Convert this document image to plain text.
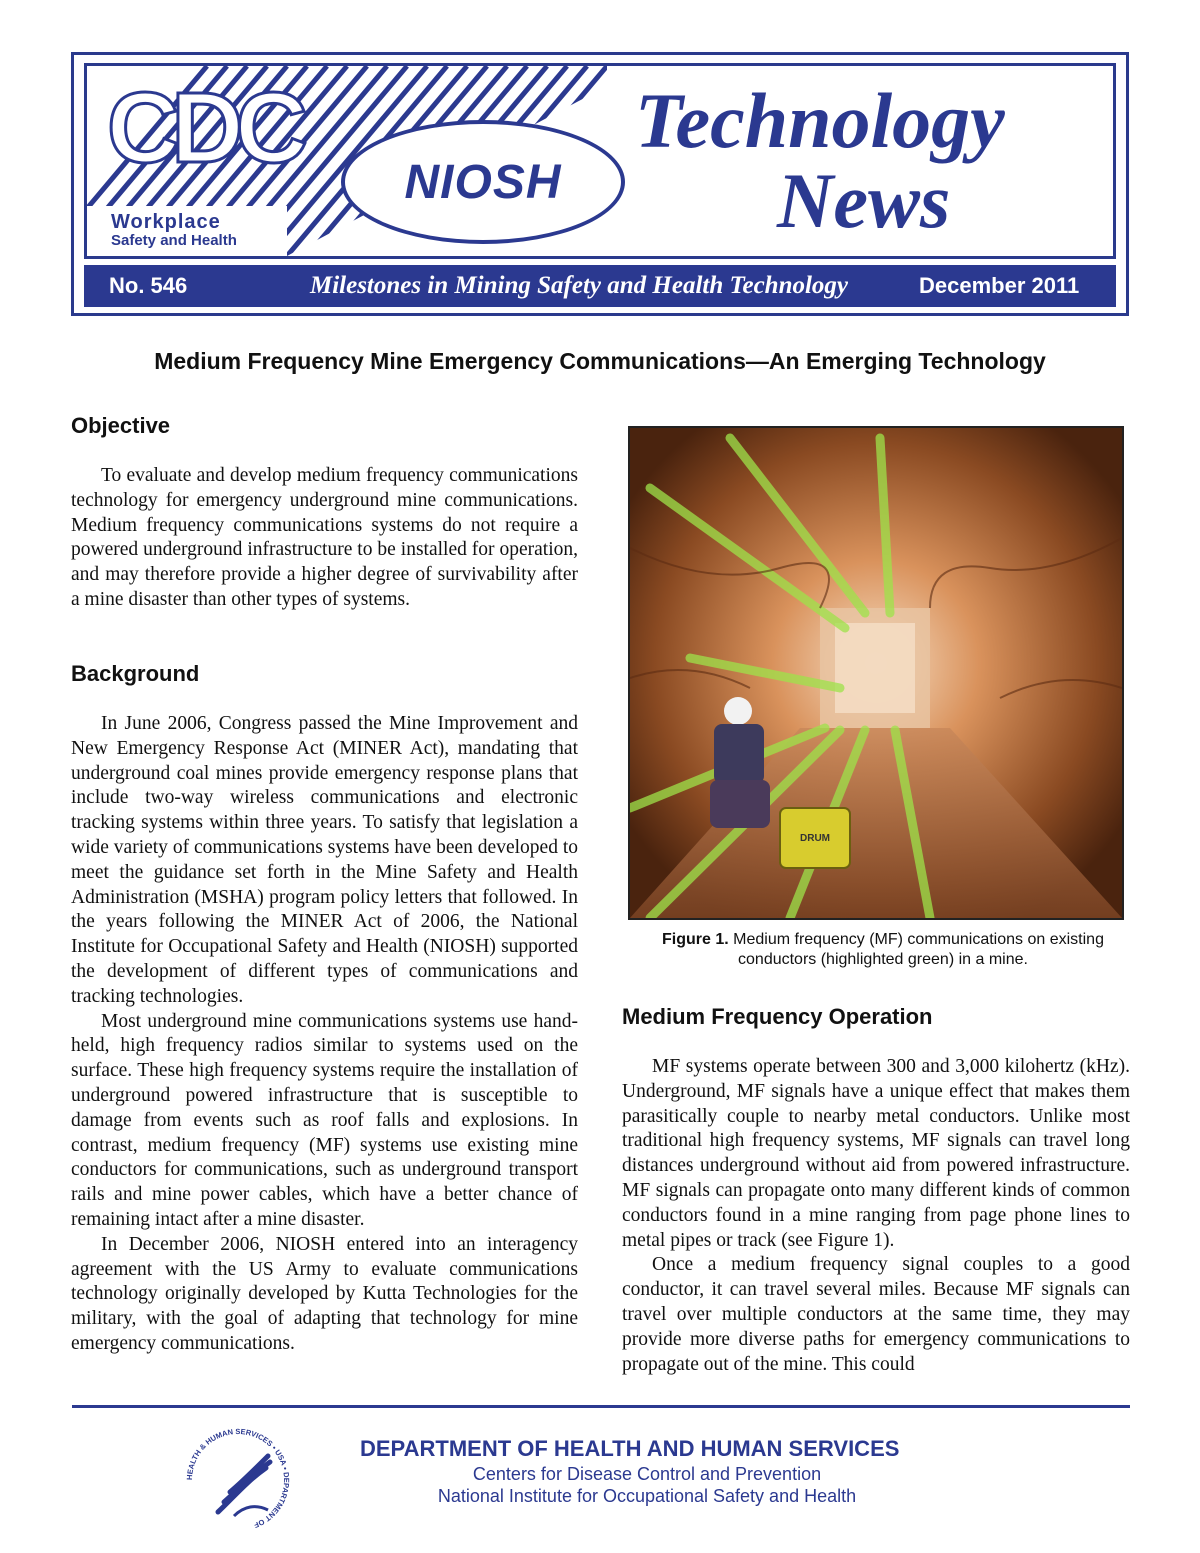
CDC NIOSH
Workplace
Safety and Health
Technology
News
No. 546	Milestones in Mining Safety and Health Technology	December 2011
Medium Frequency Mine Emergency Communications—An Emerging Technology
Objective

To evaluate and develop medium frequency communications technology for emergency underground mine communications. Medium frequency communications systems do not require a powered underground infrastructure to be installed for operation, and may therefore provide a higher degree of survivability after a mine disaster than other types of systems.

Background

In June 2006, Congress passed the Mine Improvement and New Emergency Response Act (MINER Act), mandating that underground coal mines provide emergency response plans that include two-way wireless communications and electronic tracking systems within three years. To satisfy that legislation a wide variety of communications systems have been developed to meet the guidance set forth in the Mine Safety and Health Administration (MSHA) program policy letters that followed. In the years following the MINER Act of 2006, the National Institute for Occupational Safety and Health (NIOSH) supported the development of different types of communications and tracking technologies.

Most underground mine communications systems use hand-held, high frequency radios similar to systems used on the surface. These high frequency systems require the installation of underground powered infrastructure that is susceptible to damage from events such as roof falls and explosions. In contrast, medium frequency (MF) systems use existing mine conductors for communications, such as underground transport rails and mine power cables, which have a better chance of remaining intact after a mine disaster.

In December 2006, NIOSH entered into an interagency agreement with the US Army to evaluate communications technology originally developed by Kutta Technologies for the military, with the goal of adapting that technology for mine emergency communications.

DRUM
Figure 1. Medium frequency (MF) communications on existing conductors (highlighted green) in a mine.
Medium Frequency Operation

MF systems operate between 300 and 3,000 kilohertz (kHz). Underground, MF signals have a unique effect that makes them parasitically couple to nearby metal conductors. Unlike most traditional high frequency systems, MF signals can travel long distances underground without aid from powered infrastructure. MF signals can propagate onto many different kinds of common conductors found in a mine ranging from page phone lines to metal pipes or track (see Figure 1).

Once a medium frequency signal couples to a good conductor, it can travel several miles. Because MF signals can travel over multiple conductors at the same time, they may provide more diverse paths for emergency communications to propagate out of the mine. This could

HEALTH & HUMAN SERVICES • USA • DEPARTMENT OF
DEPARTMENT OF HEALTH AND HUMAN SERVICES
Centers for Disease Control and Prevention
National Institute for Occupational Safety and Health
